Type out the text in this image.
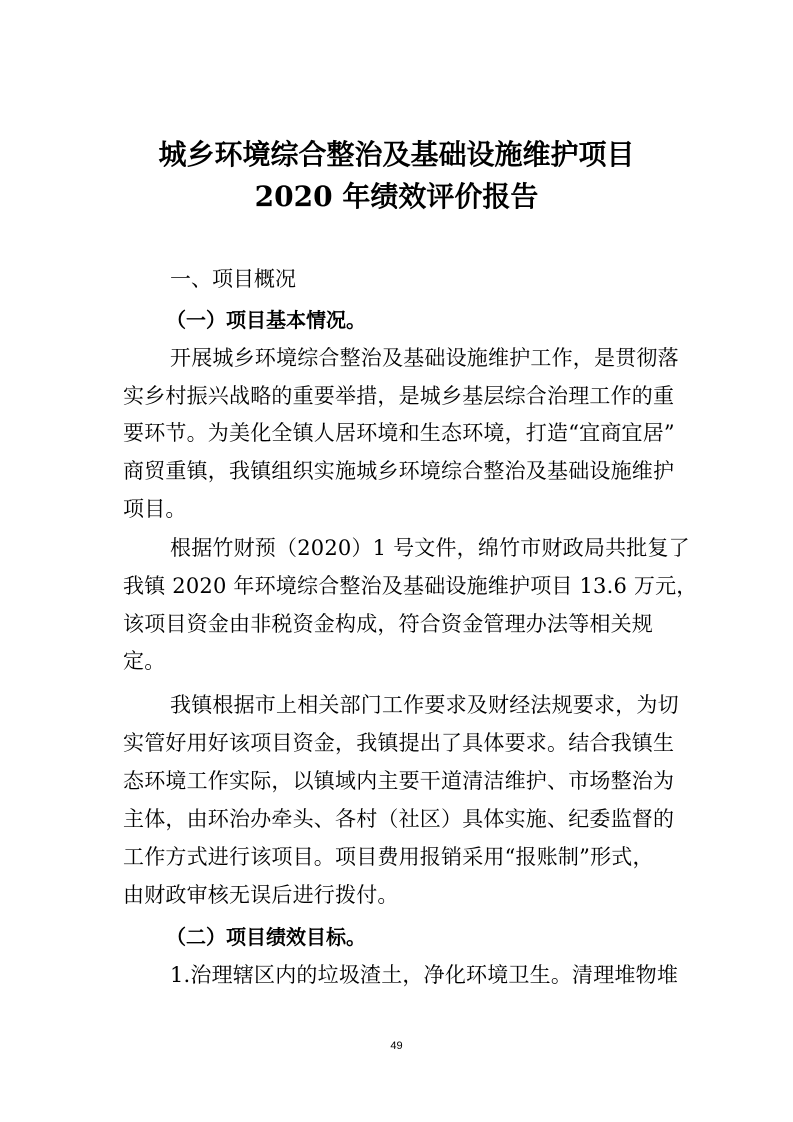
城乡环境综合整治及基础设施维护项目
2020 年绩效评价报告
一、项目概况
（一）项目基本情况。
开展城乡环境综合整治及基础设施维护工作，是贯彻落
实乡村振兴战略的重要举措，是城乡基层综合治理工作的重
要环节。为美化全镇人居环境和生态环境，打造“宜商宜居”
商贸重镇，我镇组织实施城乡环境综合整治及基础设施维护
项目。
根据竹财预（2020）1 号文件，绵竹市财政局共批复了
我镇 2020 年环境综合整治及基础设施维护项目 13.6 万元，
该项目资金由非税资金构成，符合资金管理办法等相关规
定。
我镇根据市上相关部门工作要求及财经法规要求，为切
实管好用好该项目资金，我镇提出了具体要求。结合我镇生
态环境工作实际，以镇域内主要干道清洁维护、市场整治为
主体，由环治办牵头、各村（社区）具体实施、纪委监督的
工作方式进行该项目。项目费用报销采用“报账制”形式，
由财政审核无误后进行拨付。
（二）项目绩效目标。
1.治理辖区内的垃圾渣土，净化环境卫生。清理堆物堆
49
